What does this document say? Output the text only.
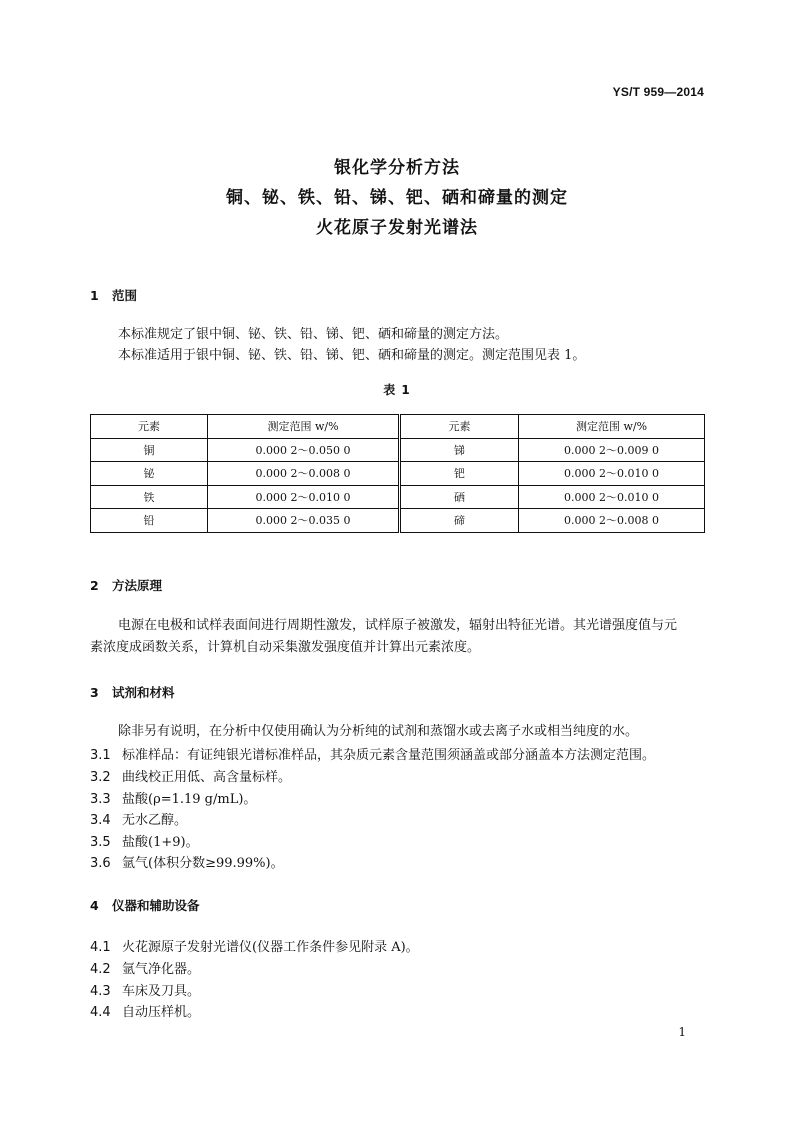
YS/T 959—2014
银化学分析方法
铜、铋、铁、铅、锑、钯、硒和碲量的测定
火花原子发射光谱法
1 范围
本标准规定了银中铜、铋、铁、铅、锑、钯、硒和碲量的测定方法。
本标准适用于银中铜、铋、铁、铅、锑、钯、硒和碲量的测定。测定范围见表 1。
表 1
元素	测定范围 w/%	元素	测定范围 w/%
铜	0.000 2～0.050 0	锑	0.000 2～0.009 0
铋	0.000 2～0.008 0	钯	0.000 2～0.010 0
铁	0.000 2～0.010 0	硒	0.000 2～0.010 0
铅	0.000 2～0.035 0	碲	0.000 2～0.008 0
2 方法原理
电源在电极和试样表面间进行周期性激发，试样原子被激发，辐射出特征光谱。其光谱强度值与元
素浓度成函数关系，计算机自动采集激发强度值并计算出元素浓度。
3 试剂和材料
除非另有说明，在分析中仅使用确认为分析纯的试剂和蒸馏水或去离子水或相当纯度的水。
3.1 标准样品：有证纯银光谱标准样品，其杂质元素含量范围须涵盖或部分涵盖本方法测定范围。
3.2 曲线校正用低、高含量标样。
3.3 盐酸(ρ=1.19 g/mL)。
3.4 无水乙醇。
3.5 盐酸(1+9)。
3.6 氩气(体积分数≥99.99%)。
4 仪器和辅助设备
4.1 火花源原子发射光谱仪(仪器工作条件参见附录 A)。
4.2 氩气净化器。
4.3 车床及刀具。
4.4 自动压样机。
1
